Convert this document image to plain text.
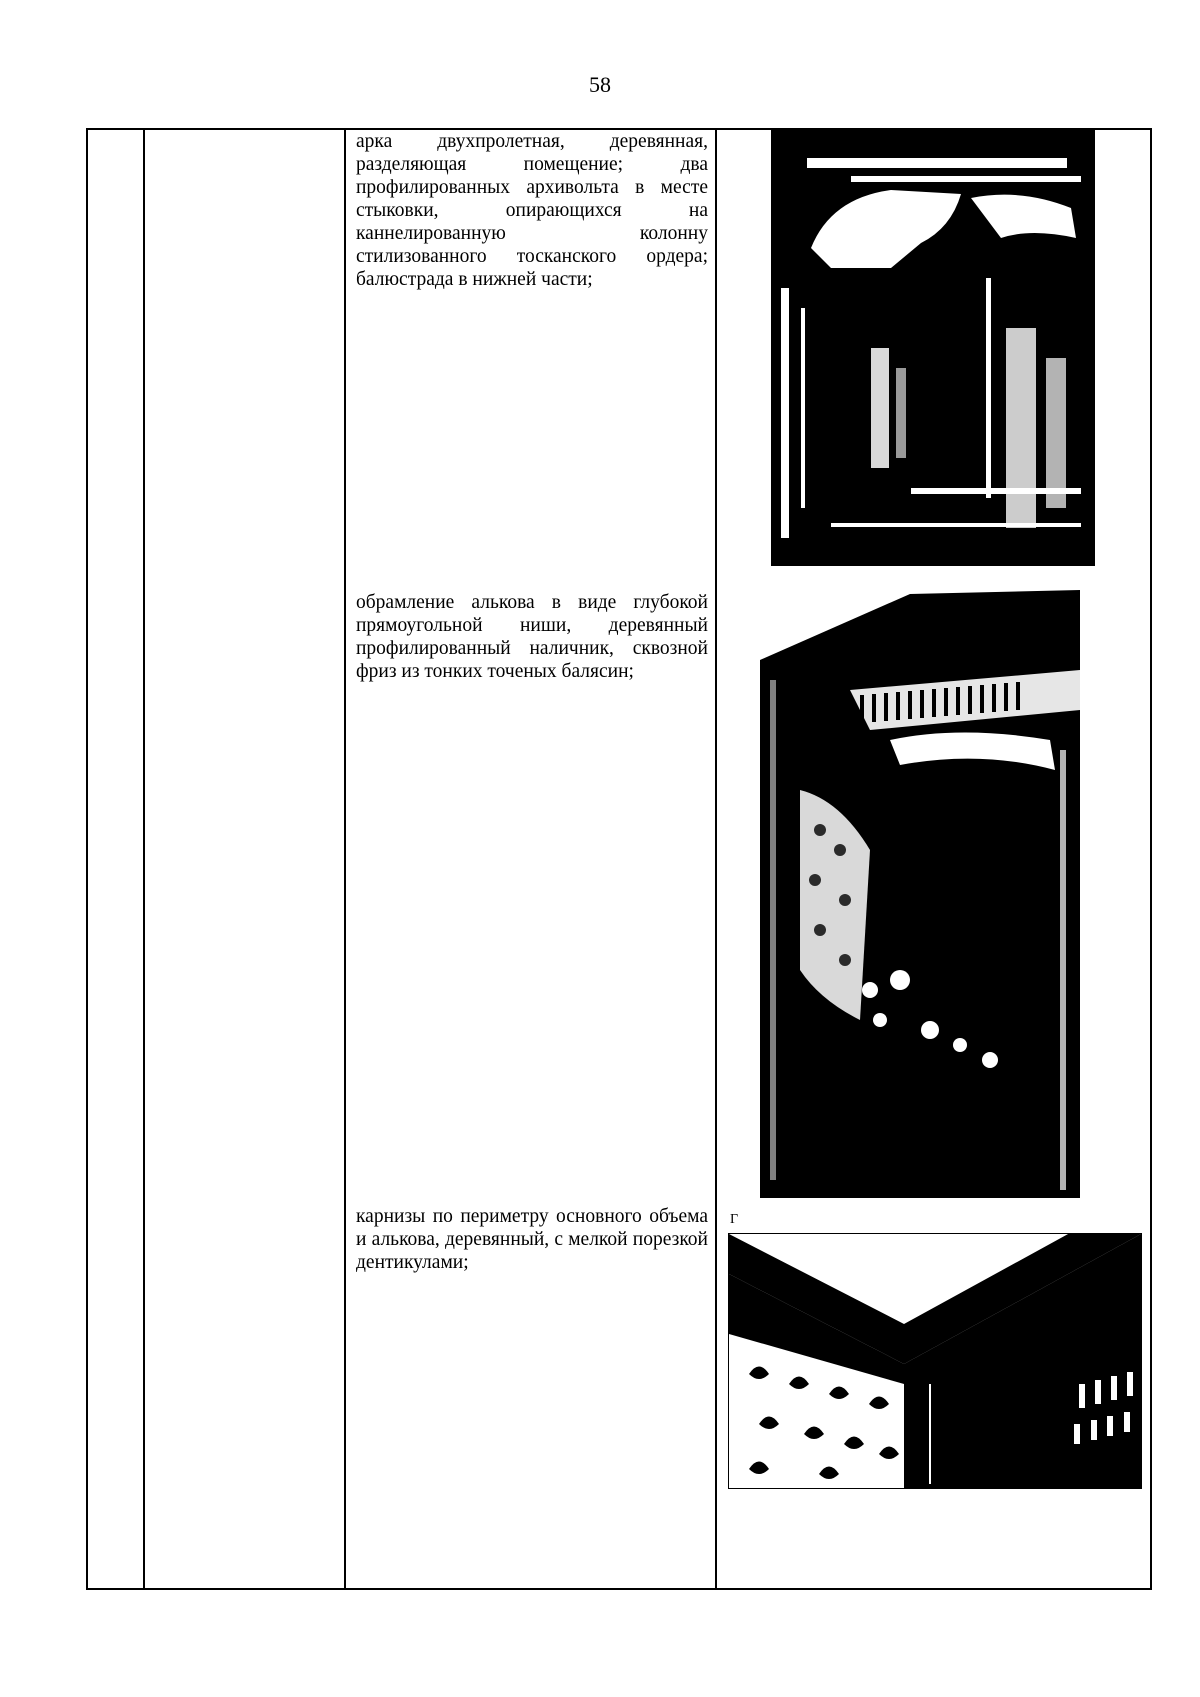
58
арка двухпролетная, деревянная, разделяющая помещение; два профилированных архивольта в месте стыковки, опирающихся на каннелированную колонну стилизованного тосканского ордера; балюстрада в нижней части;
обрамление алькова в виде глубокой прямоугольной ниши, деревянный профилированный наличник, сквозной фриз из тонких точеных балясин;
карнизы по периметру основного объема и алькова, деревянный, с мелкой порезкой дентикулами;
Г
